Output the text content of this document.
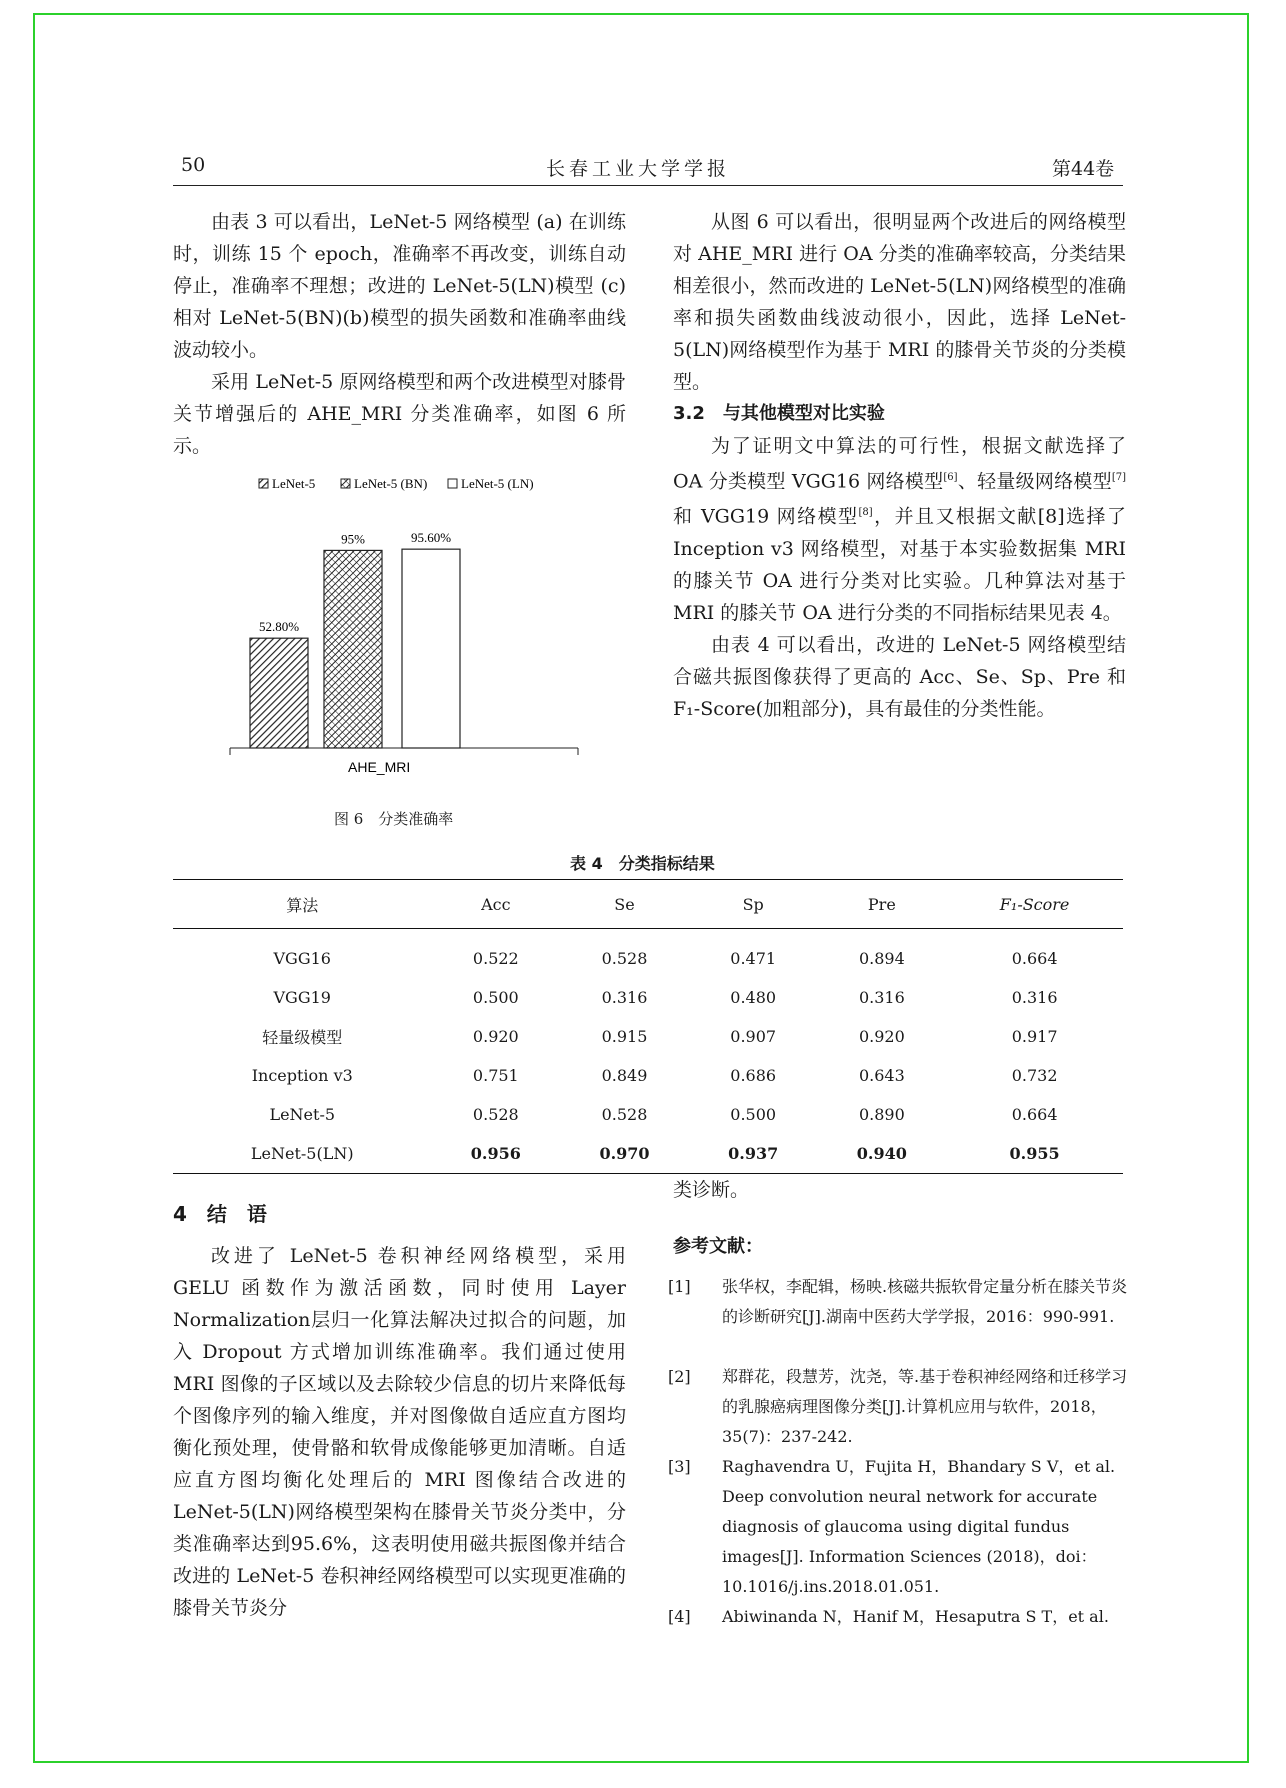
50	长春工业大学学报	第44卷

由表 3 可以看出，LeNet-5 网络模型 (a) 在训练时，训练 15 个 epoch，准确率不再改变，训练自动停止，准确率不理想；改进的 LeNet-5(LN)模型 (c) 相对 LeNet-5(BN)(b)模型的损失函数和准确率曲线波动较小。

采用 LeNet-5 原网络模型和两个改进模型对膝骨关节增强后的 AHE_MRI 分类准确率，如图 6 所示。

LeNet-5	LeNet-5 (BN)	LeNet-5 (LN)
52.80%
95%	95.60%
AHE_MRI
图 6　分类准确率

从图 6 可以看出，很明显两个改进后的网络模型对 AHE_MRI 进行 OA 分类的准确率较高，分类结果相差很小，然而改进的 LeNet-5(LN)网络模型的准确率和损失函数曲线波动很小，因此，选择 LeNet-5(LN)网络模型作为基于 MRI 的膝骨关节炎的分类模型。

3.2　与其他模型对比实验

为了证明文中算法的可行性，根据文献选择了 OA 分类模型 VGG16 网络模型[6]、轻量级网络模型[7]和 VGG19 网络模型[8]，并且又根据文献[8]选择了 Inception v3 网络模型，对基于本实验数据集 MRI 的膝关节 OA 进行分类对比实验。几种算法对基于 MRI 的膝关节 OA 进行分类的不同指标结果见表 4。

由表 4 可以看出，改进的 LeNet-5 网络模型结合磁共振图像获得了更高的 Acc、Se、Sp、Pre 和 F₁-Score(加粗部分)，具有最佳的分类性能。

表 4　分类指标结果
算法	Acc	Se	Sp	Pre	F₁-Score

VGG16	0.522	0.528	0.471	0.894	0.664
VGG19	0.500	0.316	0.480	0.316	0.316
轻量级模型	0.920	0.915	0.907	0.920	0.917
Inception v3	0.751	0.849	0.686	0.643	0.732
LeNet-5	0.528	0.528	0.500	0.890	0.664
LeNet-5(LN)	0.956	0.970	0.937	0.940	0.955
4　结　语

改进了 LeNet-5 卷积神经网络模型，采用 GELU 函数作为激活函数，同时使用 Layer Normalization层归一化算法解决过拟合的问题，加入 Dropout 方式增加训练准确率。我们通过使用 MRI 图像的子区域以及去除较少信息的切片来降低每个图像序列的输入维度，并对图像做自适应直方图均衡化预处理，使骨骼和软骨成像能够更加清晰。自适应直方图均衡化处理后的 MRI 图像结合改进的 LeNet-5(LN)网络模型架构在膝骨关节炎分类中，分类准确率达到95.6%，这表明使用磁共振图像并结合改进的 LeNet-5 卷积神经网络模型可以实现更准确的膝骨关节炎分

类诊断。

参考文献：
[1] 张华权，李配辑，杨映.核磁共振软骨定量分析在膝关节炎的诊断研究[J].湖南中医药大学学报，2016：990-991.
[2] 郑群花，段慧芳，沈尧，等.基于卷积神经网络和迁移学习的乳腺癌病理图像分类[J].计算机应用与软件，2018，35(7)：237-242.
[3] Raghavendra U，Fujita H，Bhandary S V，et al. Deep convolution neural network for accurate diagnosis of glaucoma using digital fundus images[J]. Information Sciences (2018)，doi：10.1016/j.ins.2018.01.051.
[4] Abiwinanda N，Hanif M，Hesaputra S T，et al.
